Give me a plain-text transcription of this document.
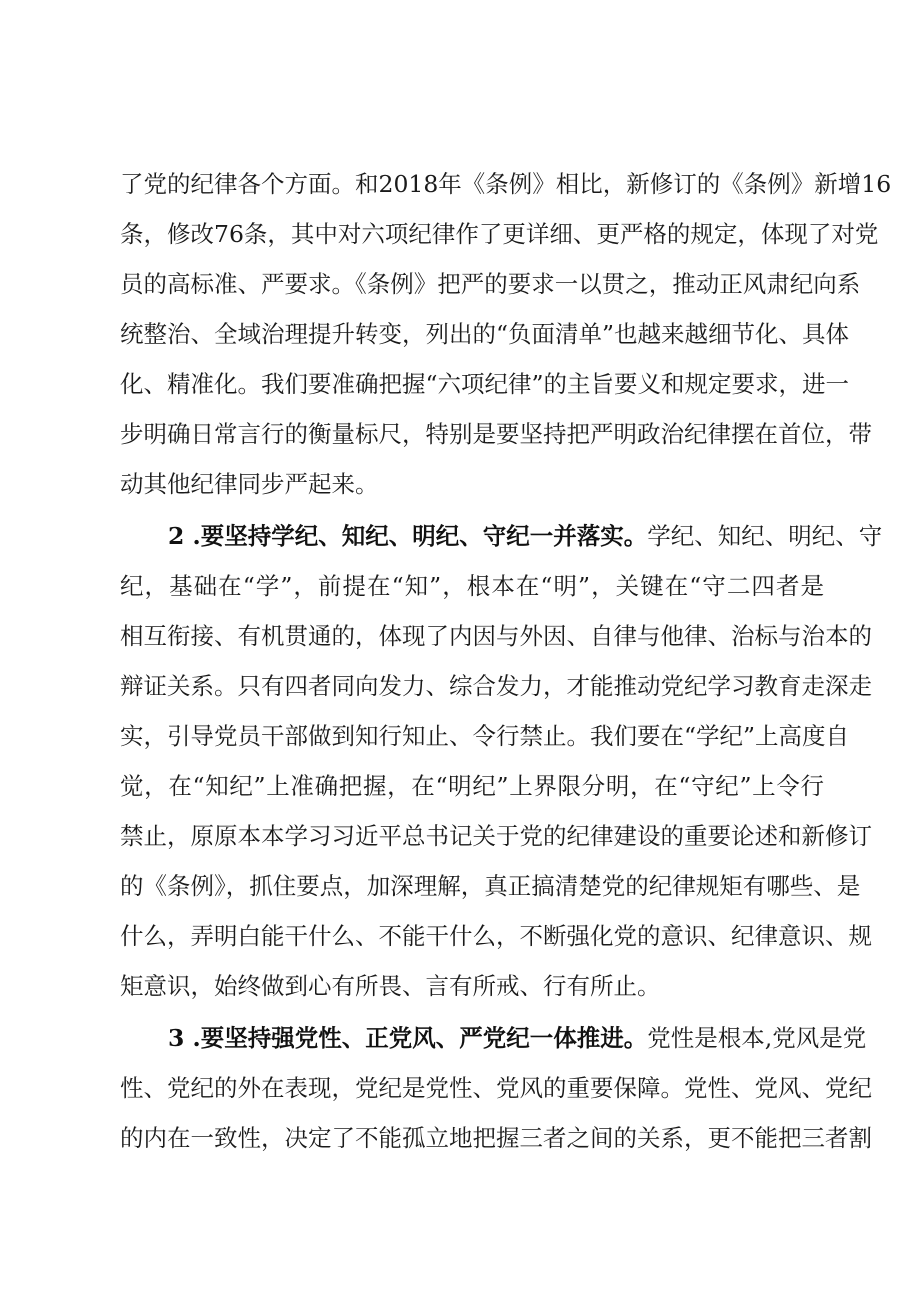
了党的纪律各个方面。和2018年《条例》相比，新修订的《条例》新增16
条，修改76条，其中对六项纪律作了更详细、更严格的规定，体现了对党
员的高标准、严要求。《条例》把严的要求一以贯之，推动正风肃纪向系
统整治、全域治理提升转变，列出的“负面清单”也越来越细节化、具体
化、精准化。我们要准确把握“六项纪律”的主旨要义和规定要求，进一
步明确日常言行的衡量标尺，特别是要坚持把严明政治纪律摆在首位，带
动其他纪律同步严起来。
2 .要坚持学纪、知纪、明纪、守纪一并落实。学纪、知纪、明纪、守
纪，基础在“学”，前提在“知”，根本在“明”，关键在“守二四者是
相互衔接、有机贯通的，体现了内因与外因、自律与他律、治标与治本的
辩证关系。只有四者同向发力、综合发力，才能推动党纪学习教育走深走
实，引导党员干部做到知行知止、令行禁止。我们要在“学纪”上高度自
觉，在“知纪”上准确把握，在“明纪”上界限分明，在“守纪”上令行
禁止，原原本本学习习近平总书记关于党的纪律建设的重要论述和新修订
的《条例》，抓住要点，加深理解，真正搞清楚党的纪律规矩有哪些、是
什么，弄明白能干什么、不能干什么，不断强化党的意识、纪律意识、规
矩意识，始终做到心有所畏、言有所戒、行有所止。
3 .要坚持强党性、正党风、严党纪一体推进。党性是根本,党风是党
性、党纪的外在表现，党纪是党性、党风的重要保障。党性、党风、党纪
的内在一致性，决定了不能孤立地把握三者之间的关系，更不能把三者割
